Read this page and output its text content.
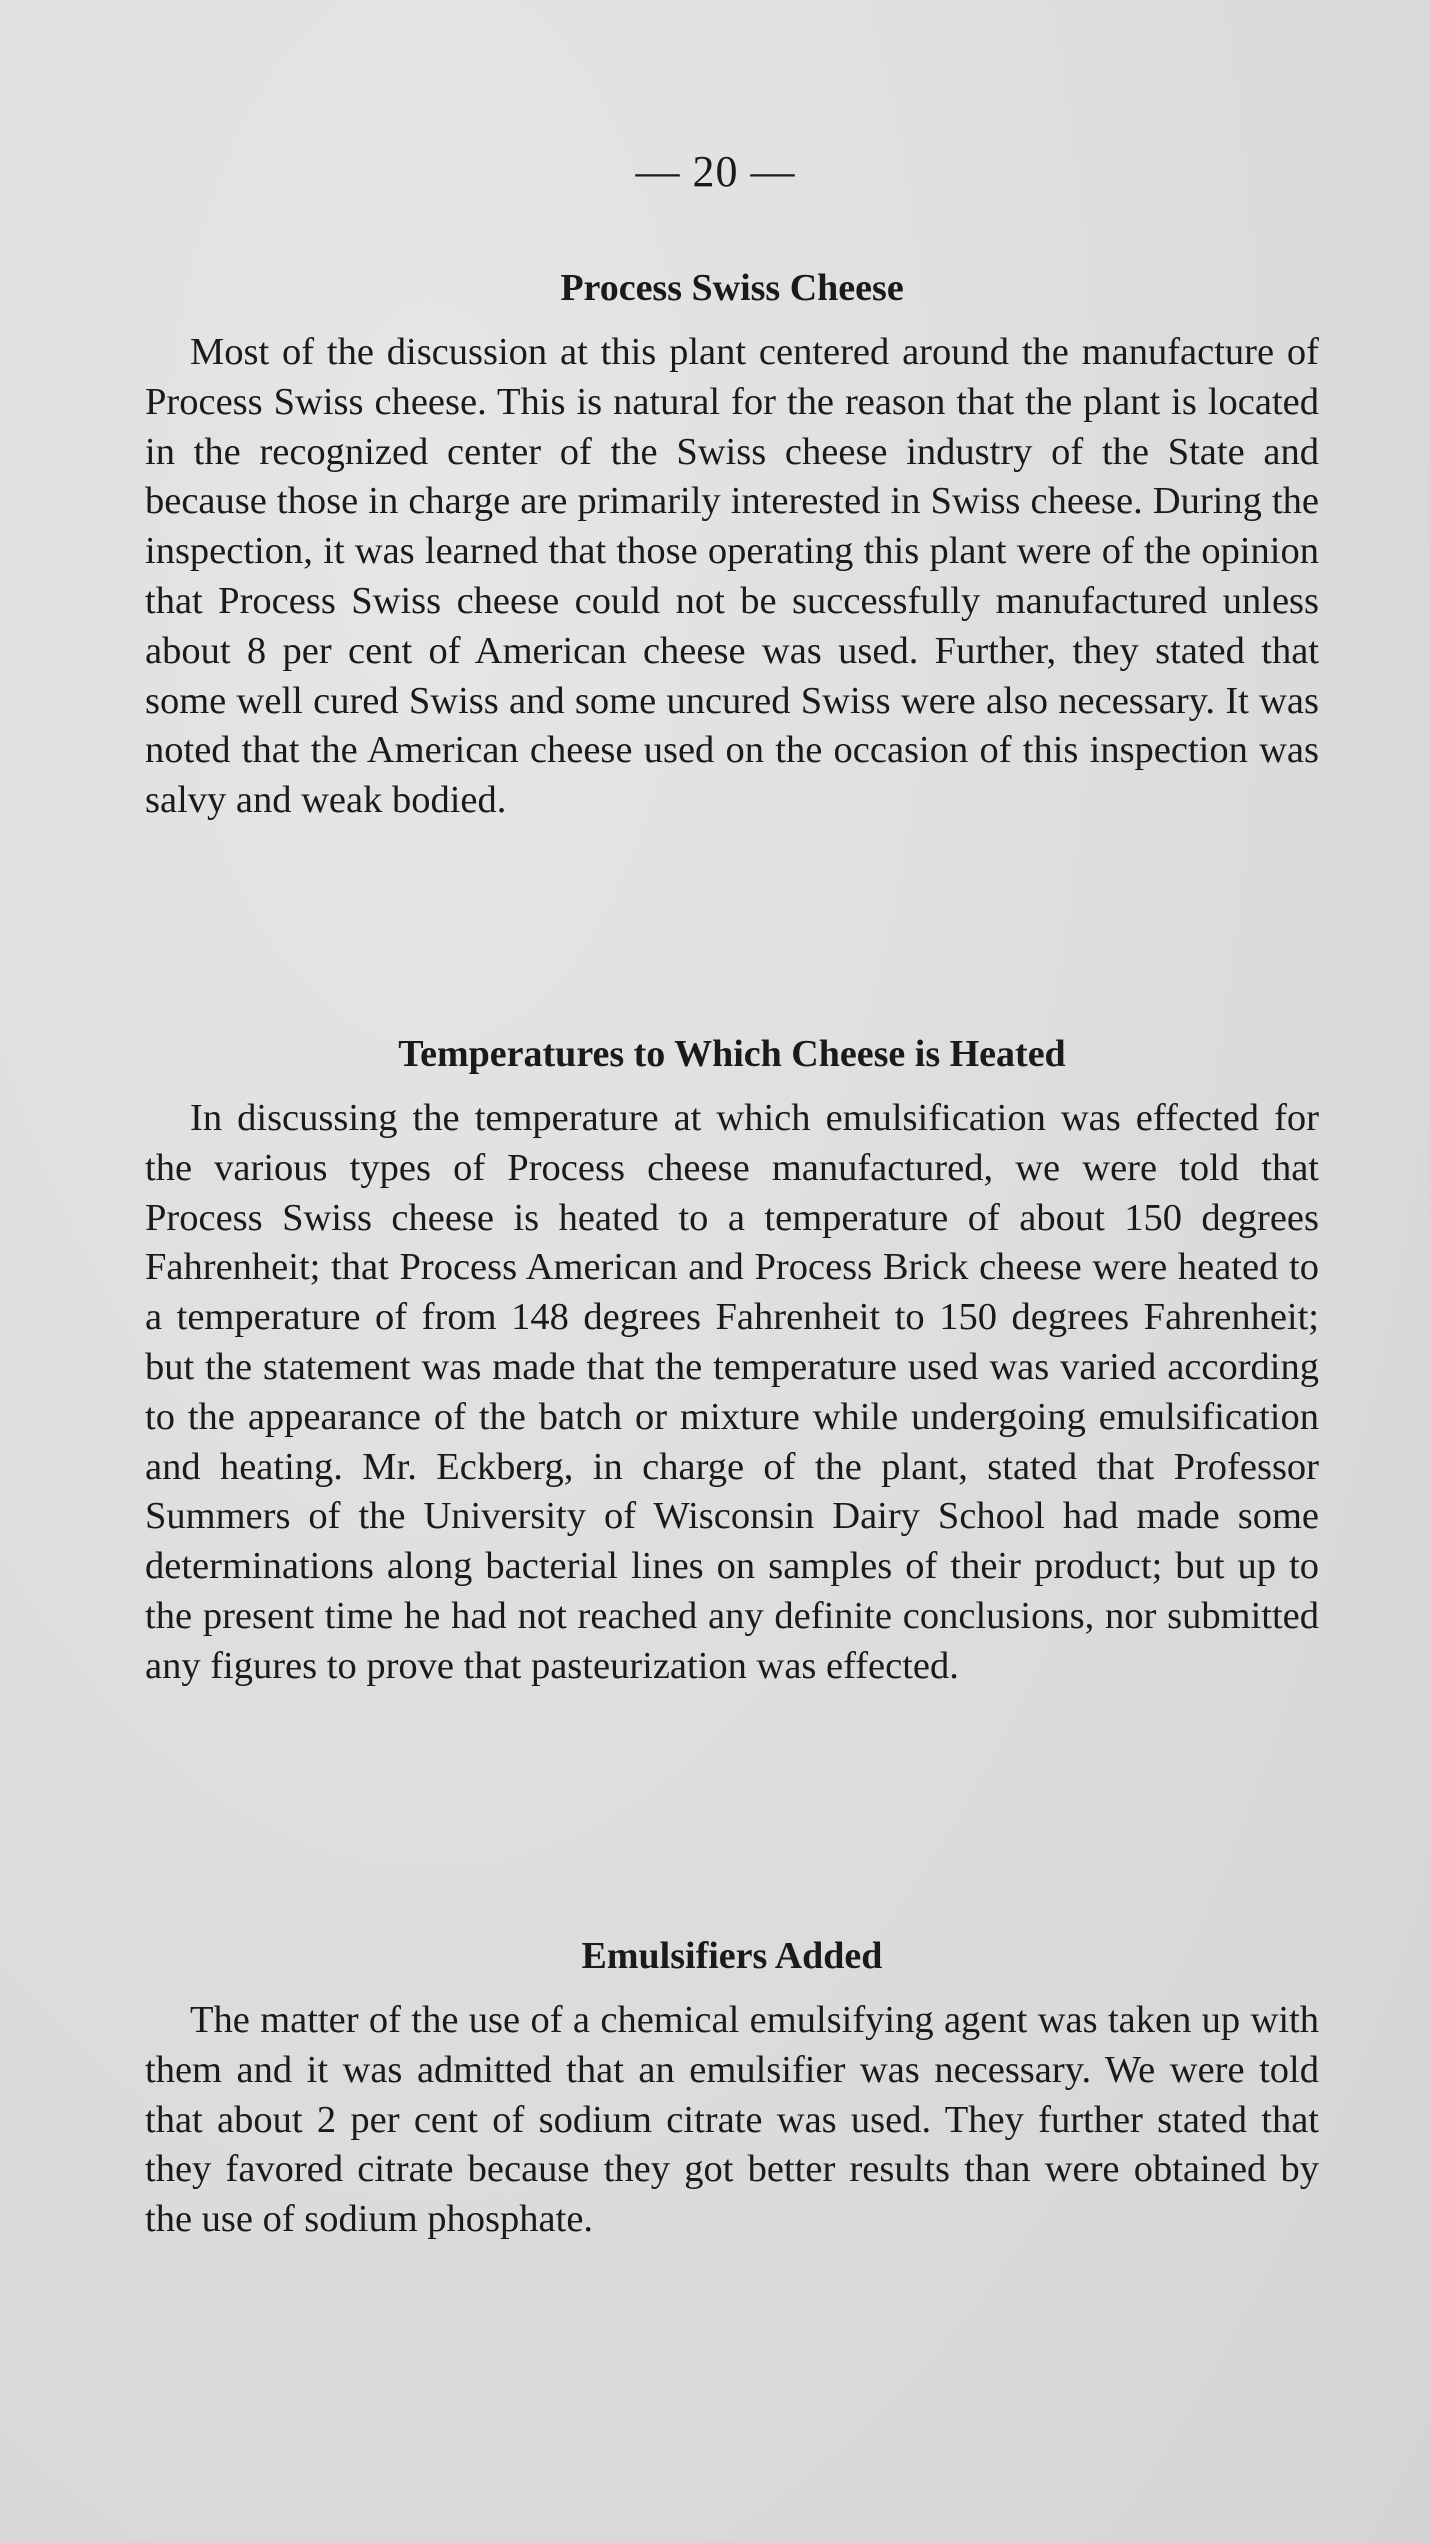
— 20 —
Process Swiss Cheese

Most of the discussion at this plant centered around the manufacture of Process Swiss cheese. This is natural for the reason that the plant is located in the recognized center of the Swiss cheese industry of the State and because those in charge are primarily interested in Swiss cheese. During the inspection, it was learned that those operating this plant were of the opinion that Process Swiss cheese could not be successfully manufactured unless about 8 per cent of American cheese was used. Further, they stated that some well cured Swiss and some uncured Swiss were also necessary. It was noted that the American cheese used on the occasion of this inspection was salvy and weak bodied.

Temperatures to Which Cheese is Heated

In discussing the temperature at which emulsification was effected for the various types of Process cheese manufactured, we were told that Process Swiss cheese is heated to a temperature of about 150 degrees Fahrenheit; that Process American and Process Brick cheese were heated to a temperature of from 148 degrees Fahrenheit to 150 degrees Fahrenheit; but the statement was made that the temperature used was varied according to the appearance of the batch or mixture while undergoing emulsification and heating. Mr. Eckberg, in charge of the plant, stated that Professor Summers of the University of Wisconsin Dairy School had made some determinations along bacterial lines on samples of their product; but up to the present time he had not reached any definite conclusions, nor submitted any figures to prove that pasteurization was effected.

Emulsifiers Added

The matter of the use of a chemical emulsifying agent was taken up with them and it was admitted that an emulsifier was necessary. We were told that about 2 per cent of sodium citrate was used. They further stated that they favored citrate because they got better results than were obtained by the use of sodium phosphate.
